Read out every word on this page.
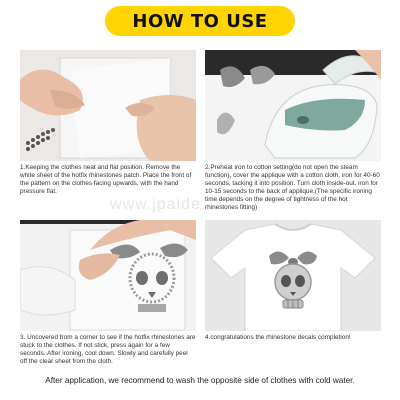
HOW TO USE
1.Keeping the clothes neat and flat position. Remove the white sheet of the hotfix rhinestones patch. Place the front of the pattern on the clothes facing upwards, with the hand pressure flat.
2.Preheat iron to cotton setting(do not open the steam function), cover the applique with a cotton cloth, iron for 40-60 seconds, tacking it into position. Turn cloth inside-out, iron for 10-15 seconds to the back of applique.(The specific ironing time depends on the degree of tightness of the hot rhinestones fitting)
3. Uncovered from a corner to see if the hotfix rhinestones are stuck to the clothes. If not stick, press again for a few seconds. After ironing, cool down. Slowly and carefully peel off the clear sheet from the cloth.
4.congratulations the rhinestone decals completion!
www.jpaide
After application, we recommend to wash the opposite side of clothes with cold water.
